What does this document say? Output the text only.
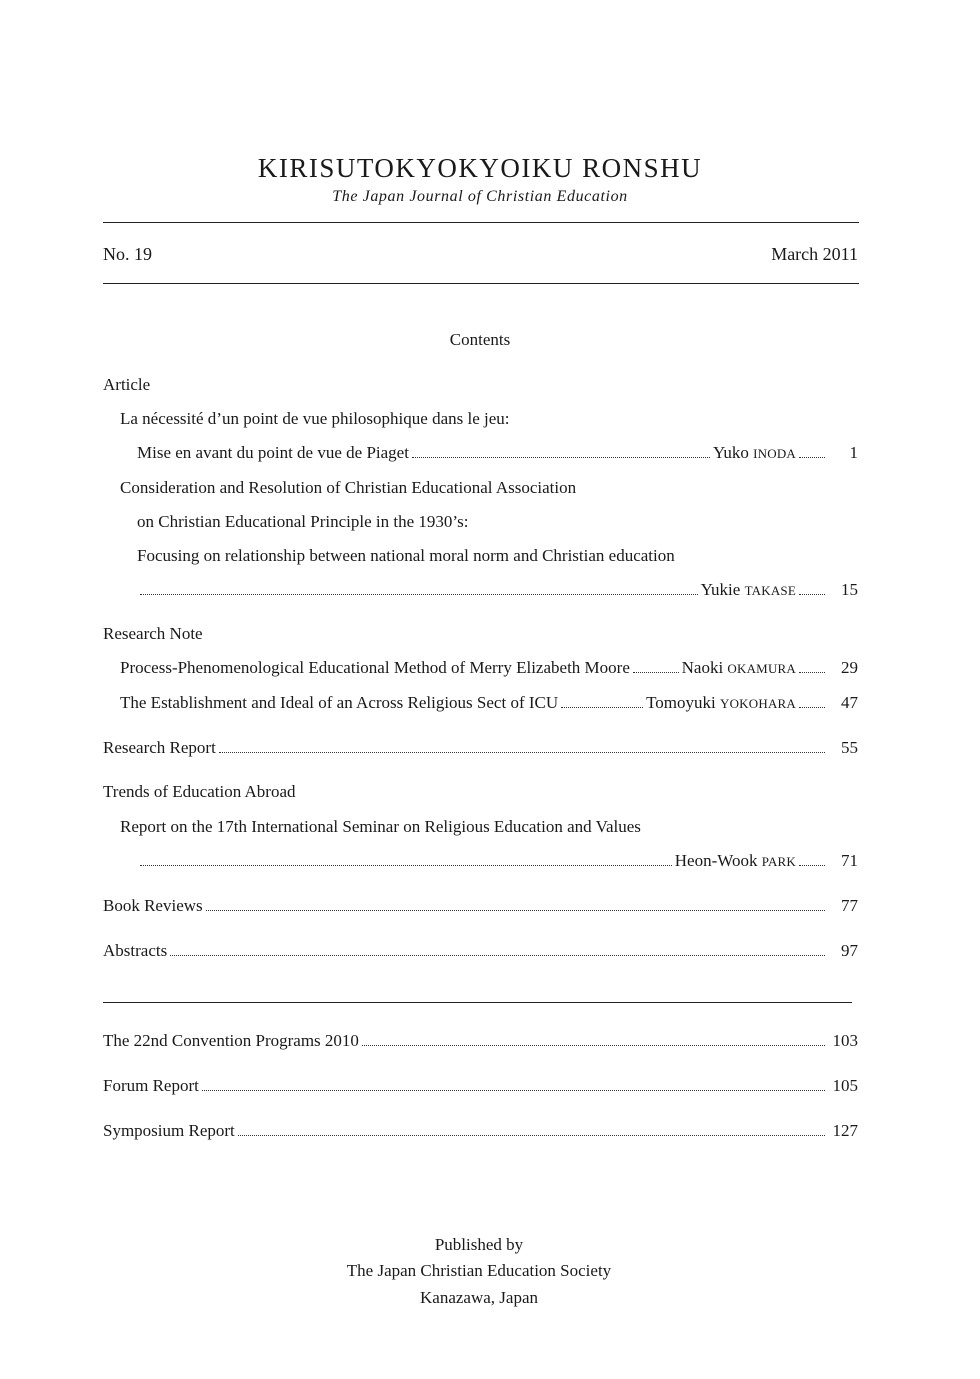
KIRISUTOKYOKYOIKU RONSHU
The Japan Journal of Christian Education
No. 19	March 2011
Contents
Article
La nécessité d’un point de vue philosophique dans le jeu:
Mise en avant du point de vue de Piaget	Yuko INODA	1
Consideration and Resolution of Christian Educational Association
on Christian Educational Principle in the 1930’s:
Focusing on relationship between national moral norm and Christian education
Yukie TAKASE	15
Research Note
Process-Phenomenological Educational Method of Merry Elizabeth Moore	Naoki OKAMURA	29
The Establishment and Ideal of an Across Religious Sect of ICU	Tomoyuki YOKOHARA	47
Research Report	55
Trends of Education Abroad
Report on the 17th International Seminar on Religious Education and Values
Heon-Wook PARK	71
Book Reviews	77
Abstracts	97
The 22nd Convention Programs 2010	103
Forum Report	105
Symposium Report	127
Published by
The Japan Christian Education Society
Kanazawa, Japan
